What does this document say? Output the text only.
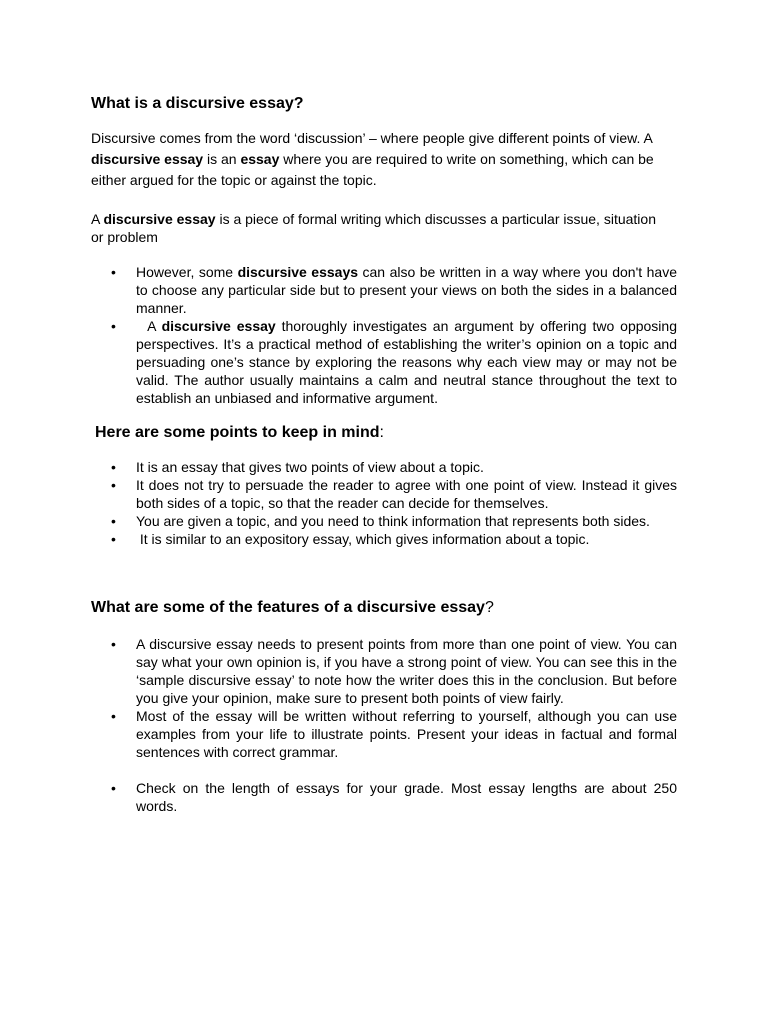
What is a discursive essay?

Discursive comes from the word ‘discussion’ – where people give different points of view. A discursive essay is an essay where you are required to write on something, which can be either argued for the topic or against the topic.

A discursive essay is a piece of formal writing which discusses a particular issue, situation or problem

•	However, some discursive essays can also be written in a way where you don't have to choose any particular side but to present your views on both the sides in a balanced manner.
•	A discursive essay thoroughly investigates an argument by offering two opposing perspectives. It’s a practical method of establishing the writer’s opinion on a topic and persuading one’s stance by exploring the reasons why each view may or may not be valid. The author usually maintains a calm and neutral stance throughout the text to establish an unbiased and informative argument.
Here are some points to keep in mind:
•	It is an essay that gives two points of view about a topic.
•	It does not try to persuade the reader to agree with one point of view. Instead it gives both sides of a topic, so that the reader can decide for themselves.
•	You are given a topic, and you need to think information that represents both sides.
•	It is similar to an expository essay, which gives information about a topic.
What are some of the features of a discursive essay?
•	A discursive essay needs to present points from more than one point of view. You can say what your own opinion is, if you have a strong point of view. You can see this in the ‘sample discursive essay’ to note how the writer does this in the conclusion. But before you give your opinion, make sure to present both points of view fairly.
•	Most of the essay will be written without referring to yourself, although you can use examples from your life to illustrate points. Present your ideas in factual and formal sentences with correct grammar.
•	Check on the length of essays for your grade. Most essay lengths are about 250 words.
